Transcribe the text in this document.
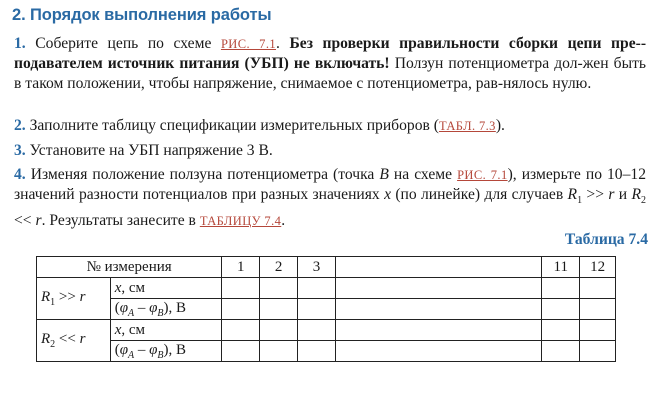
2. Порядок выполнения работы
1. Соберите цепь по схеме РИС. 7.1. Без проверки правильности сборки цепи пре-подавателем источник питания (УБП) не включать! Ползун потенциометра дол-жен быть в таком положении, чтобы напряжение, снимаемое с потенциометра, рав-нялось нулю.
2. Заполните таблицу спецификации измерительных приборов (ТАБЛ. 7.3).
3. Установите на УБП напряжение 3 В.
4. Изменяя положение ползуна потенциометра (точка B на схеме РИС. 7.1), измерьте по 10–12 значений разности потенциалов при разных значениях x (по линейке) для случаев $R_1 >> r$ и $R_2 << r$. Результаты занесите в ТАБЛИЦУ 7.4.
Таблица 7.4
№ измерения		1	2	3		11	12
$R_1 >> r$	x, см						
	$(\varphi_A - \varphi_B)$, В						
$R_2 << r$	x, см						
	$(\varphi_A - \varphi_B)$, В						
